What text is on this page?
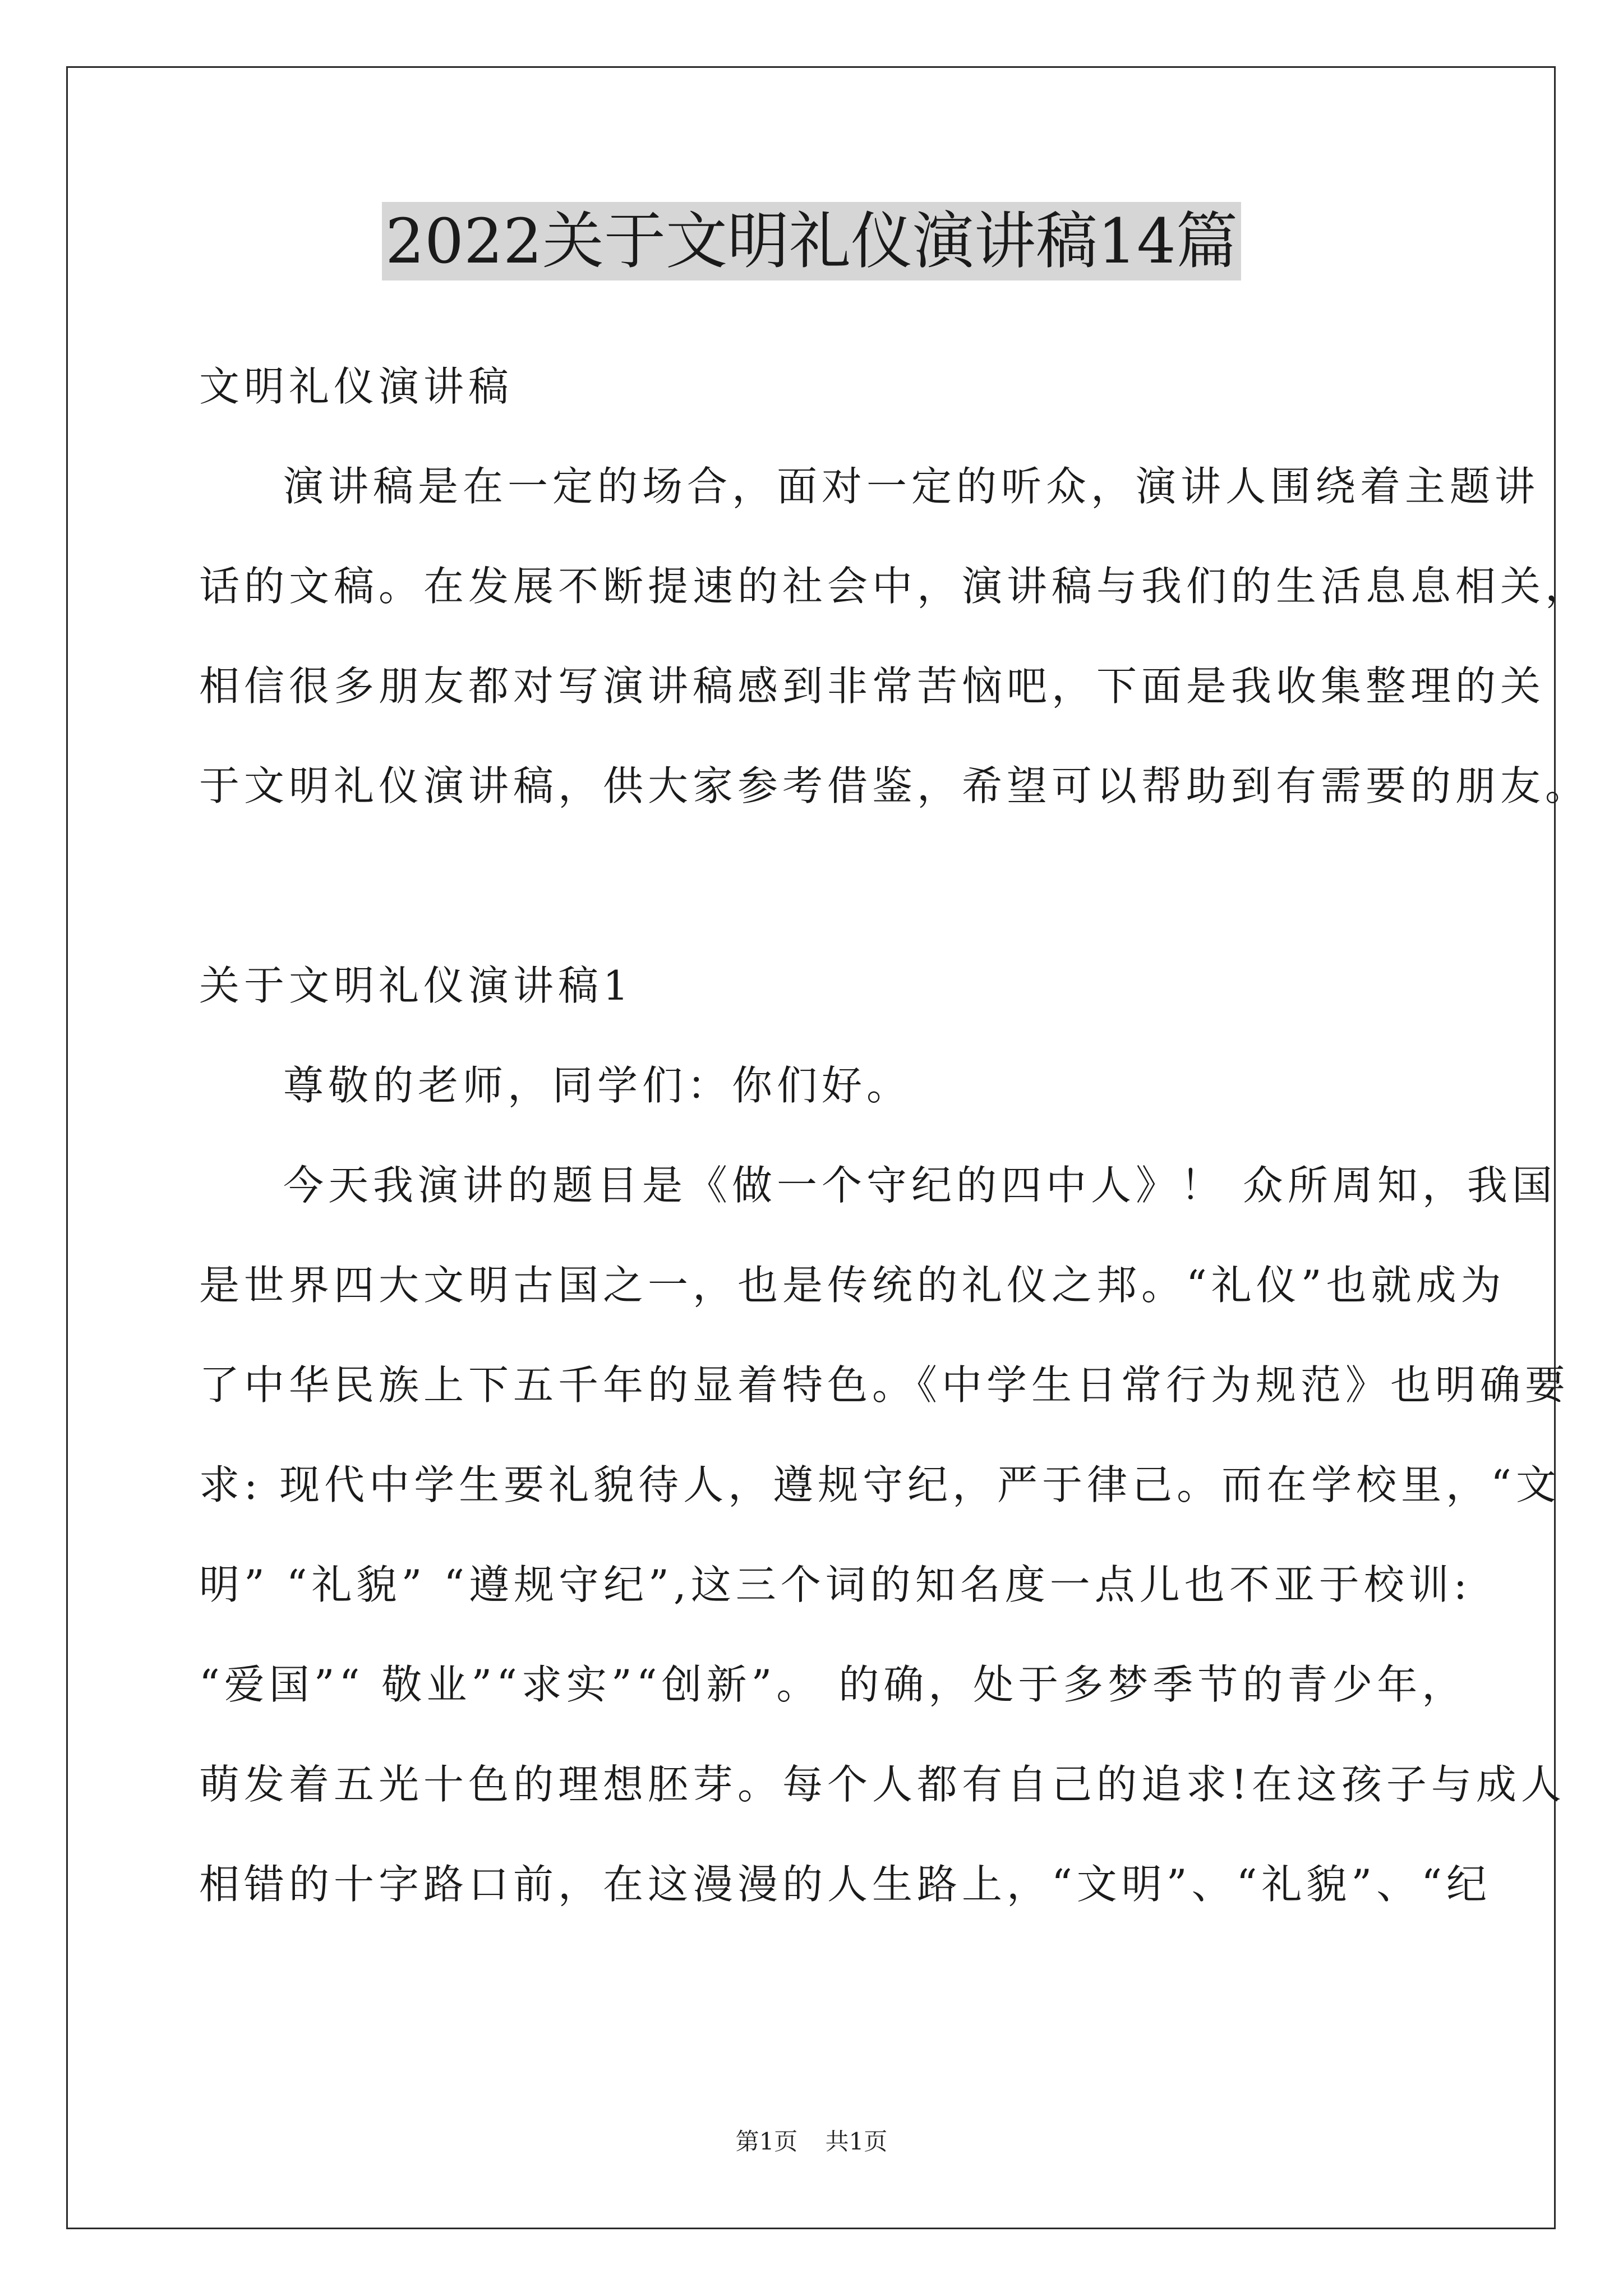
2022关于文明礼仪演讲稿14篇
文明礼仪演讲稿
演讲稿是在一定的场合，面对一定的听众，演讲人围绕着主题讲
话的文稿。在发展不断提速的社会中，演讲稿与我们的生活息息相关，
相信很多朋友都对写演讲稿感到非常苦恼吧，下面是我收集整理的关
于文明礼仪演讲稿，供大家参考借鉴，希望可以帮助到有需要的朋友。
关于文明礼仪演讲稿1
尊敬的老师，同学们：你们好。
今天我演讲的题目是《做一个守纪的四中人》！ 众所周知，我国
是世界四大文明古国之一，也是传统的礼仪之邦。“礼仪”也就成为
了中华民族上下五千年的显着特色。《中学生日常行为规范》也明确要
求: 现代中学生要礼貌待人，遵规守纪，严于律己。而在学校里，“文
明” “礼貌” “遵规守纪”,这三个词的知名度一点儿也不亚于校训:
“爱国”“ 敬业”“求实”“创新”。 的确，处于多梦季节的青少年，
萌发着五光十色的理想胚芽。每个人都有自己的追求!在这孩子与成人
相错的十字路口前，在这漫漫的人生路上，“文明”、“礼貌”、“纪
第1页 共1页
